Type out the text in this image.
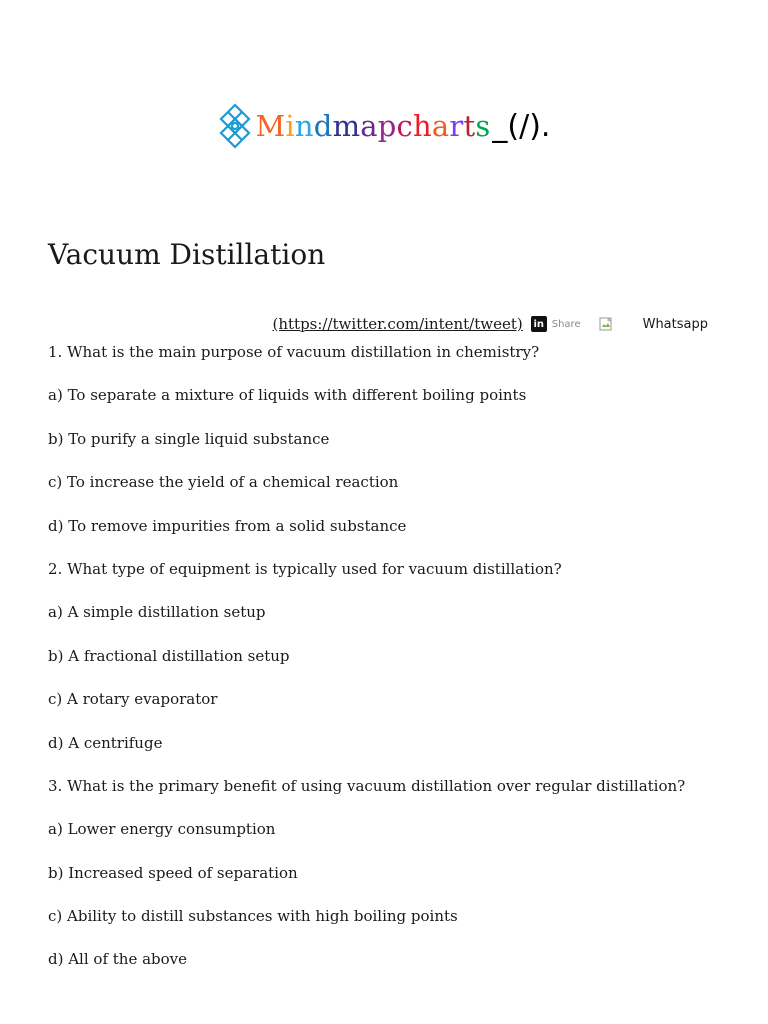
Mindmapcharts _(/).
Vacuum Distillation
(https://twitter.com/intent/tweet) in Share	Whatsapp
1. What is the main purpose of vacuum distillation in chemistry?
a) To separate a mixture of liquids with different boiling points
b) To purify a single liquid substance
c) To increase the yield of a chemical reaction
d) To remove impurities from a solid substance
2. What type of equipment is typically used for vacuum distillation?
a) A simple distillation setup
b) A fractional distillation setup
c) A rotary evaporator
d) A centrifuge
3. What is the primary benefit of using vacuum distillation over regular distillation?
a) Lower energy consumption
b) Increased speed of separation
c) Ability to distill substances with high boiling points
d) All of the above
